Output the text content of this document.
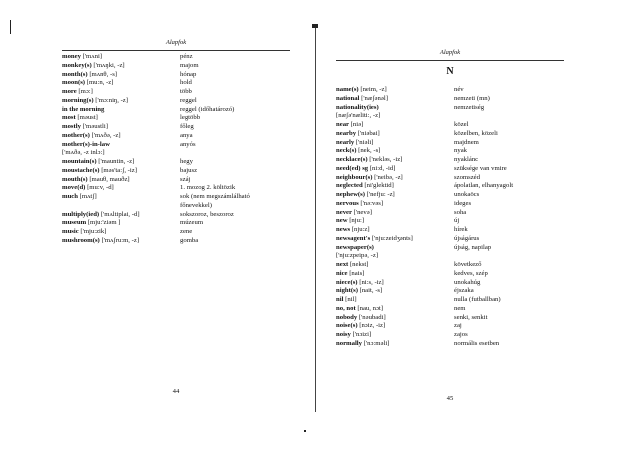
Alapfok
money ['mʌni]	pénz
monkey(s) ['mʌŋki, -z]	majom
month(s) [mʌnθ, -s]	hónap
moon(s) [mu:n, -z]	hold
more [mɔ:]	több
morning(s) ['mɔ:niŋ, -z]	reggel
in the morning	reggel (időhatározó)
most [məust]	legtöbb
mostly ['məustli]	főleg
mother(s) ['mʌðə, -z]	anya
mother(s)-in-law	anyós
['mʌðə, -z inlɔ:]
mountain(s) ['mauntin, -z]	hegy
moustache(s) [məs'ta:ʃ, -iz]	bajusz
mouth(s) [mauθ, mauðz]	száj
move(d) [mu:v, -d]	1. mozog 2. költözik
much [mʌtʃ]	sok (nem megszámlálható
főnevekkel)
multiply(ied) ['mʌltiplai, -d]	sokszoroz, beszoroz
museum [mju:'ziəm ]	múzeum
music ['mju:zik]	zene
mushroom(s) ['mʌʃru:m, -z]	gomba
44
Alapfok
N
name(s) [neim, -z]	név
national ['næʃənəl]	nemzeti (mn)
nationality(ies)	nemzetiség
[næʃə'næliti:, -z]
near [niə]	közel
nearby ['niəbai]	közelben, közeli
nearly ['niəli]	majdnem
neck(s) [nek, -s]	nyak
necklace(s) ['nekləs, -iz]	nyaklánc
need(ed) sg [ni:d, -id]	szüksége van vmire
neighbour(s) ['neibə, -z]	szomszéd
neglected [ni'glektid]	ápolatlan, elhanyagolt
nephew(s) ['nefju: -z]	unokaöcs
nervous ['nə:vəs]	ideges
never ['nevə]	soha
new [nju:]	új
news [nju:z]	hírek
newsagent's ['nju:zeidʒənts]	újságárus
newspaper(s)	újság, napilap
['nju:zpeipə, -z]
next [nekst]	következő
nice [nais]	kedves, szép
niece(s) [ni:s, -iz]	unokahúg
night(s) [nait, -s]	éjszaka
nil [nil]	nulla (futballban)
no, not [nau, nɔt]	nem
nobody ['nəubadi]	senki, senkit
noise(s) [nɔiz, -iz]	zaj
noisy ['nɔizi]	zajos
normally ['nɔ:məli]	normális esetben
45
